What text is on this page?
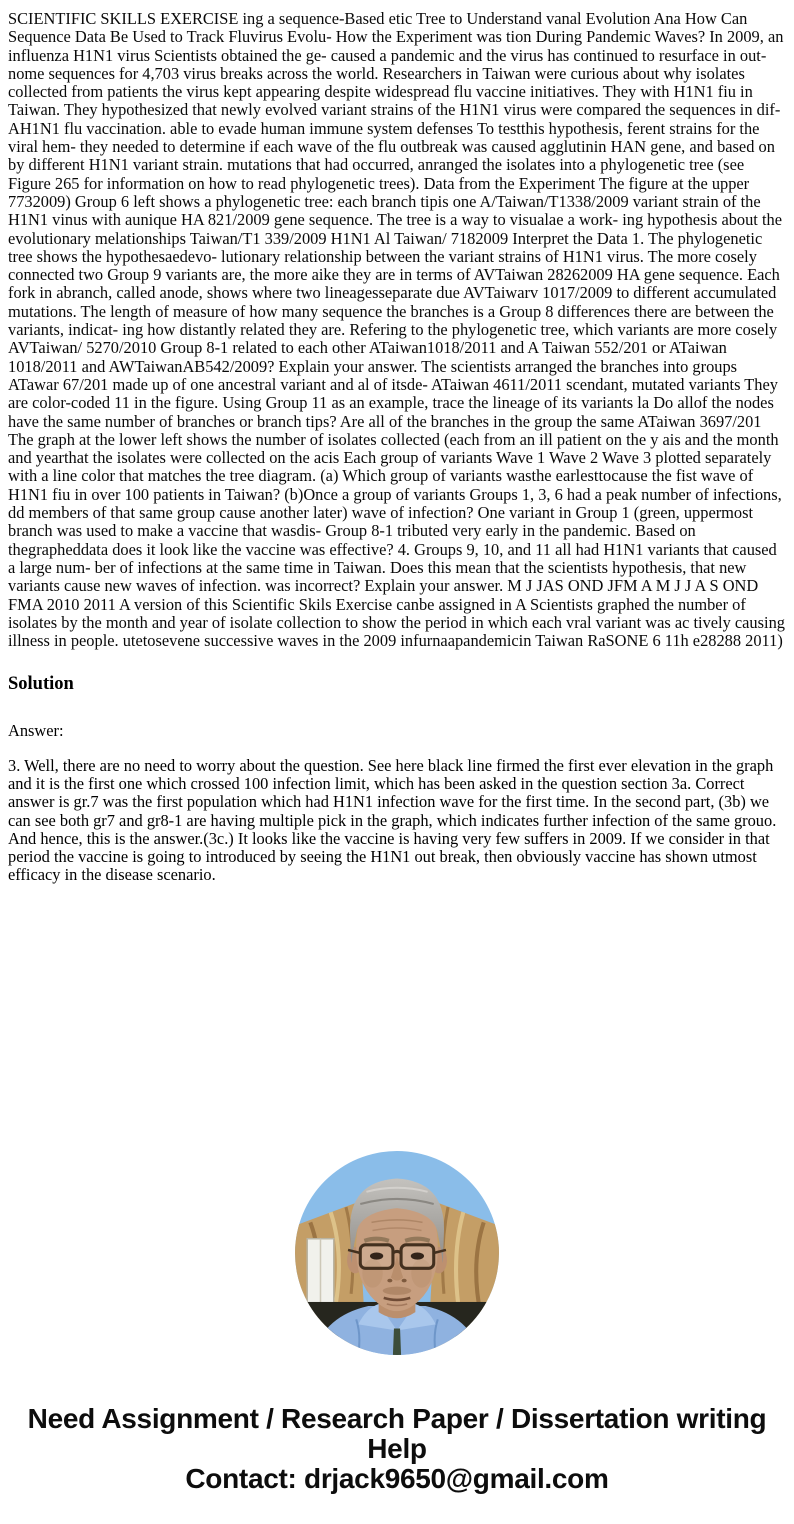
SCIENTIFIC SKILLS EXERCISE ing a sequence-Based etic Tree to Understand vanal Evolution Ana How Can Sequence Data Be Used to Track Fluvirus Evolu- How the Experiment was tion During Pandemic Waves? In 2009, an influenza H1N1 virus Scientists obtained the ge- caused a pandemic and the virus has continued to resurface in out- nome sequences for 4,703 virus breaks across the world. Researchers in Taiwan were curious about why isolates collected from patients the virus kept appearing despite widespread flu vaccine initiatives. They with H1N1 fiu in Taiwan. They hypothesized that newly evolved variant strains of the H1N1 virus were compared the sequences in dif- AH1N1 flu vaccination. able to evade human immune system defenses To testthis hypothesis, ferent strains for the viral hem- they needed to determine if each wave of the flu outbreak was caused agglutinin HAN gene, and based on by different H1N1 variant strain. mutations that had occurred, anranged the isolates into a phylogenetic tree (see Figure 265 for information on how to read phylogenetic trees). Data from the Experiment The figure at the upper 7732009) Group 6 left shows a phylogenetic tree: each branch tipis one A/Taiwan/T1338/2009 variant strain of the H1N1 vinus with aunique HA 821/2009 gene sequence. The tree is a way to visualae a work- ing hypothesis about the evolutionary melationships Taiwan/T1 339/2009 H1N1 Al Taiwan/ 7182009 Interpret the Data 1. The phylogenetic tree shows the hypothesaedevo- lutionary relationship between the variant strains of H1N1 virus. The more cosely connected two Group 9 variants are, the more aike they are in terms of AVTaiwan 28262009 HA gene sequence. Each fork in abranch, called anode, shows where two lineagesseparate due AVTaiwarv 1017/2009 to different accumulated mutations. The length of measure of how many sequence the branches is a Group 8 differences there are between the variants, indicat- ing how distantly related they are. Refering to the phylogenetic tree, which variants are more cosely AVTaiwan/ 5270/2010 Group 8-1 related to each other ATaiwan1018/2011 and A Taiwan 552/201 or ATaiwan 1018/2011 and AWTaiwanAB542/2009? Explain your answer. The scientists arranged the branches into groups ATawar 67/201 made up of one ancestral variant and al of itsde- ATaiwan 4611/2011 scendant, mutated variants They are color-coded 11 in the figure. Using Group 11 as an example, trace the lineage of its variants la Do allof the nodes have the same number of branches or branch tips? Are all of the branches in the group the same ATaiwan 3697/201 The graph at the lower left shows the number of isolates collected (each from an ill patient on the y ais and the month and yearthat the isolates were collected on the acis Each group of variants Wave 1 Wave 2 Wave 3 plotted separately with a line color that matches the tree diagram. (a) Which group of variants wasthe earlesttocause the fist wave of H1N1 fiu in over 100 patients in Taiwan? (b)Once a group of variants Groups 1, 3, 6 had a peak number of infections, dd members of that same group cause another later) wave of infection? One variant in Group 1 (green, uppermost branch was used to make a vaccine that wasdis- Group 8-1 tributed very early in the pandemic. Based on thegrapheddata does it look like the vaccine was effective? 4. Groups 9, 10, and 11 all had H1N1 variants that caused a large num- ber of infections at the same time in Taiwan. Does this mean that the scientists hypothesis, that new variants cause new waves of infection. was incorrect? Explain your answer. M J JAS OND JFM A M J J A S OND FMA 2010 2011 A version of this Scientific Skils Exercise canbe assigned in A Scientists graphed the number of isolates by the month and year of isolate collection to show the period in which each vral variant was ac tively causing illness in people. utetosevene successive waves in the 2009 infurnaapandemicin Taiwan RaSONE 6 11h e28288 2011)
Solution

Answer:

3. Well, there are no need to worry about the question. See here black line firmed the first ever elevation in the graph and it is the first one which crossed 100 infection limit, which has been asked in the question section 3a. Correct answer is gr.7 was the first population which had H1N1 infection wave for the first time. In the second part, (3b) we can see both gr7 and gr8-1 are having multiple pick in the graph, which indicates further infection of the same grouo. And hence, this is the answer.(3c.) It looks like the vaccine is having very few suffers in 2009. If we consider in that period the vaccine is going to introduced by seeing the H1N1 out break, then obviously vaccine has shown utmost efficacy in the disease scenario.

Need Assignment / Research Paper / Dissertation writing Help
Contact: drjack9650@gmail.com
